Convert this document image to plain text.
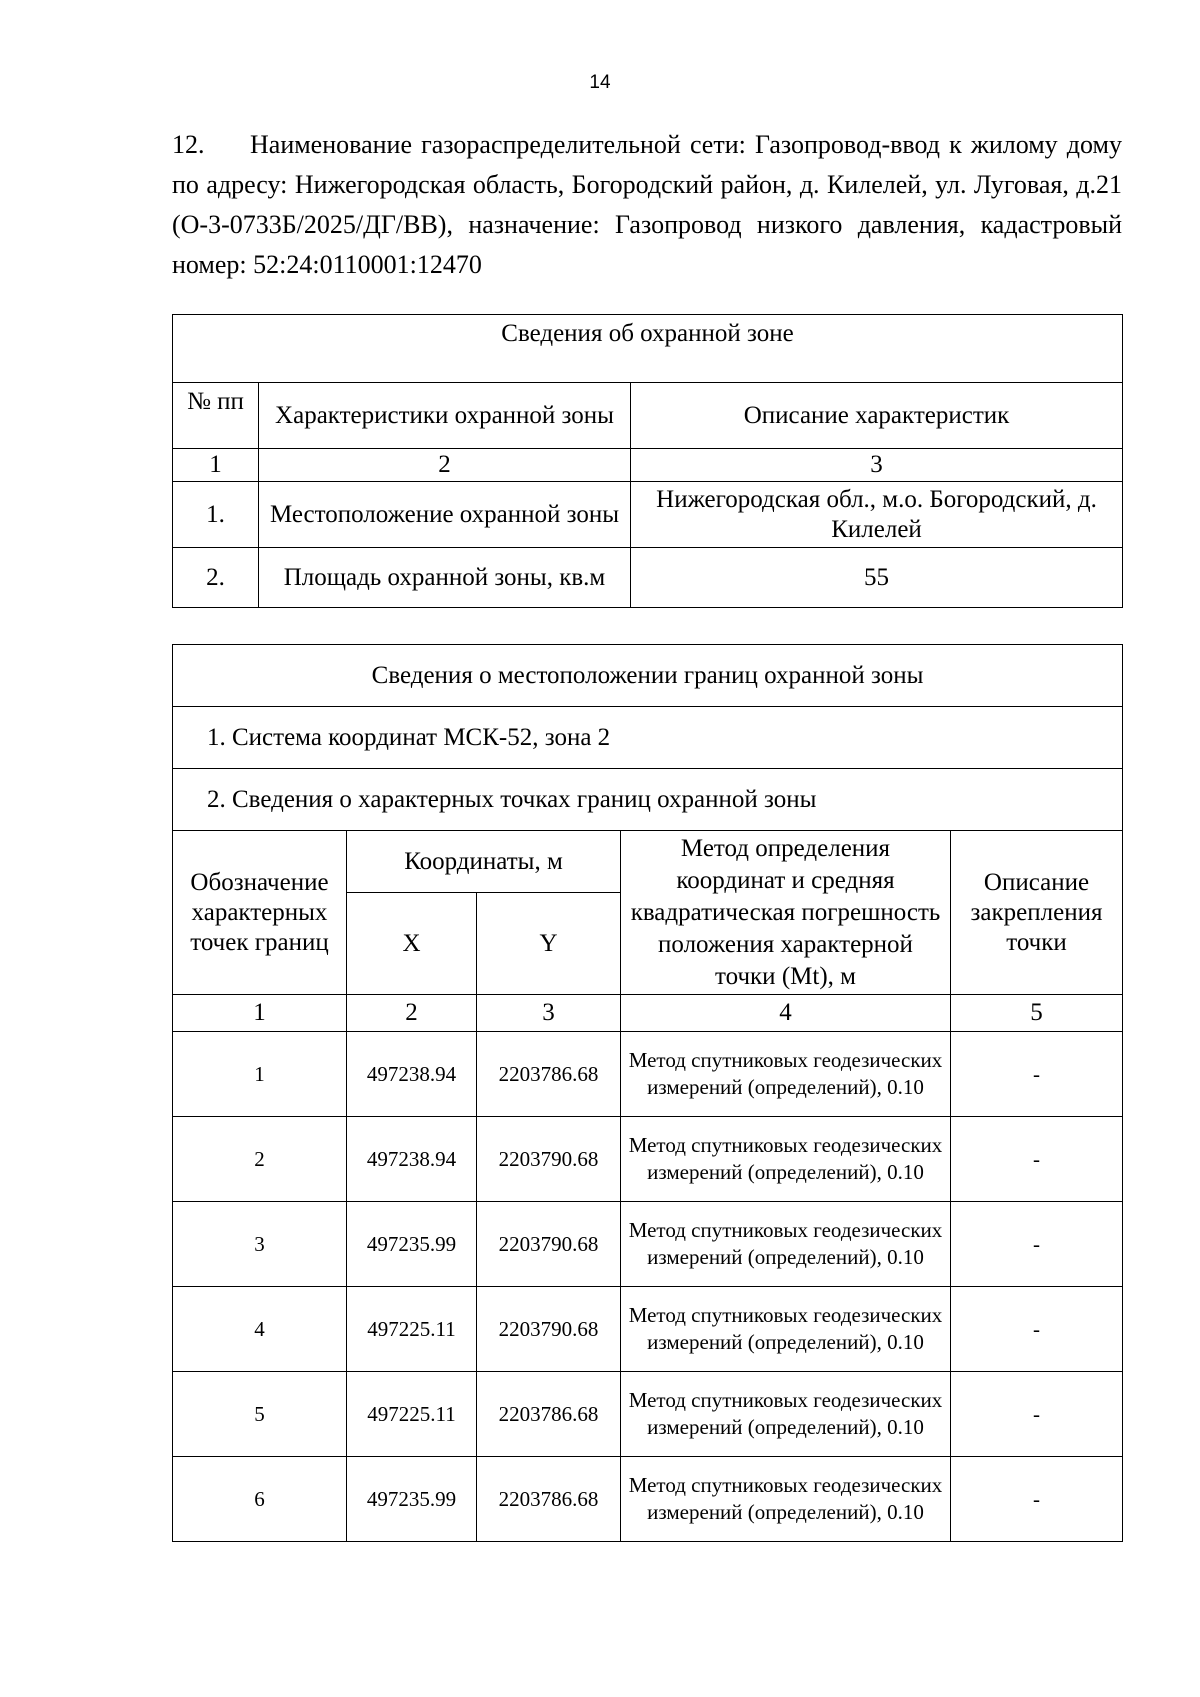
14
12. Наименование газораспределительной сети: Газопровод-ввод к жилому дому по адресу: Нижегородская область, Богородский район, д. Килелей, ул. Луговая, д.21 (О-3-0733Б/2025/ДГ/ВВ), назначение: Газопровод низкого давления, кадастровый номер: 52:24:0110001:12470
Сведения об охранной зоне		
№ пп	Характеристики охранной зоны	Описание характеристик
1	2	3
1.	Местоположение охранной зоны	Нижегородская обл., м.о. Богородский, д. Килелей
2.	Площадь охранной зоны, кв.м	55
Сведения о местоположении границ охранной зоны				
1. Система координат МСК-52, зона 2				
2. Сведения о характерных точках границ охранной зоны				
Обозначение характерных точек границ	Координаты, м		Метод определения координат и средняя квадратическая погрешность положения характерной точки (Mt), м	Описание закрепления точки
	X	Y		
1	2	3	4	5
1	497238.94	2203786.68	Метод спутниковых геодезических измерений (определений), 0.10	-
2	497238.94	2203790.68	Метод спутниковых геодезических измерений (определений), 0.10	-
3	497235.99	2203790.68	Метод спутниковых геодезических измерений (определений), 0.10	-
4	497225.11	2203790.68	Метод спутниковых геодезических измерений (определений), 0.10	-
5	497225.11	2203786.68	Метод спутниковых геодезических измерений (определений), 0.10	-
6	497235.99	2203786.68	Метод спутниковых геодезических измерений (определений), 0.10	-
